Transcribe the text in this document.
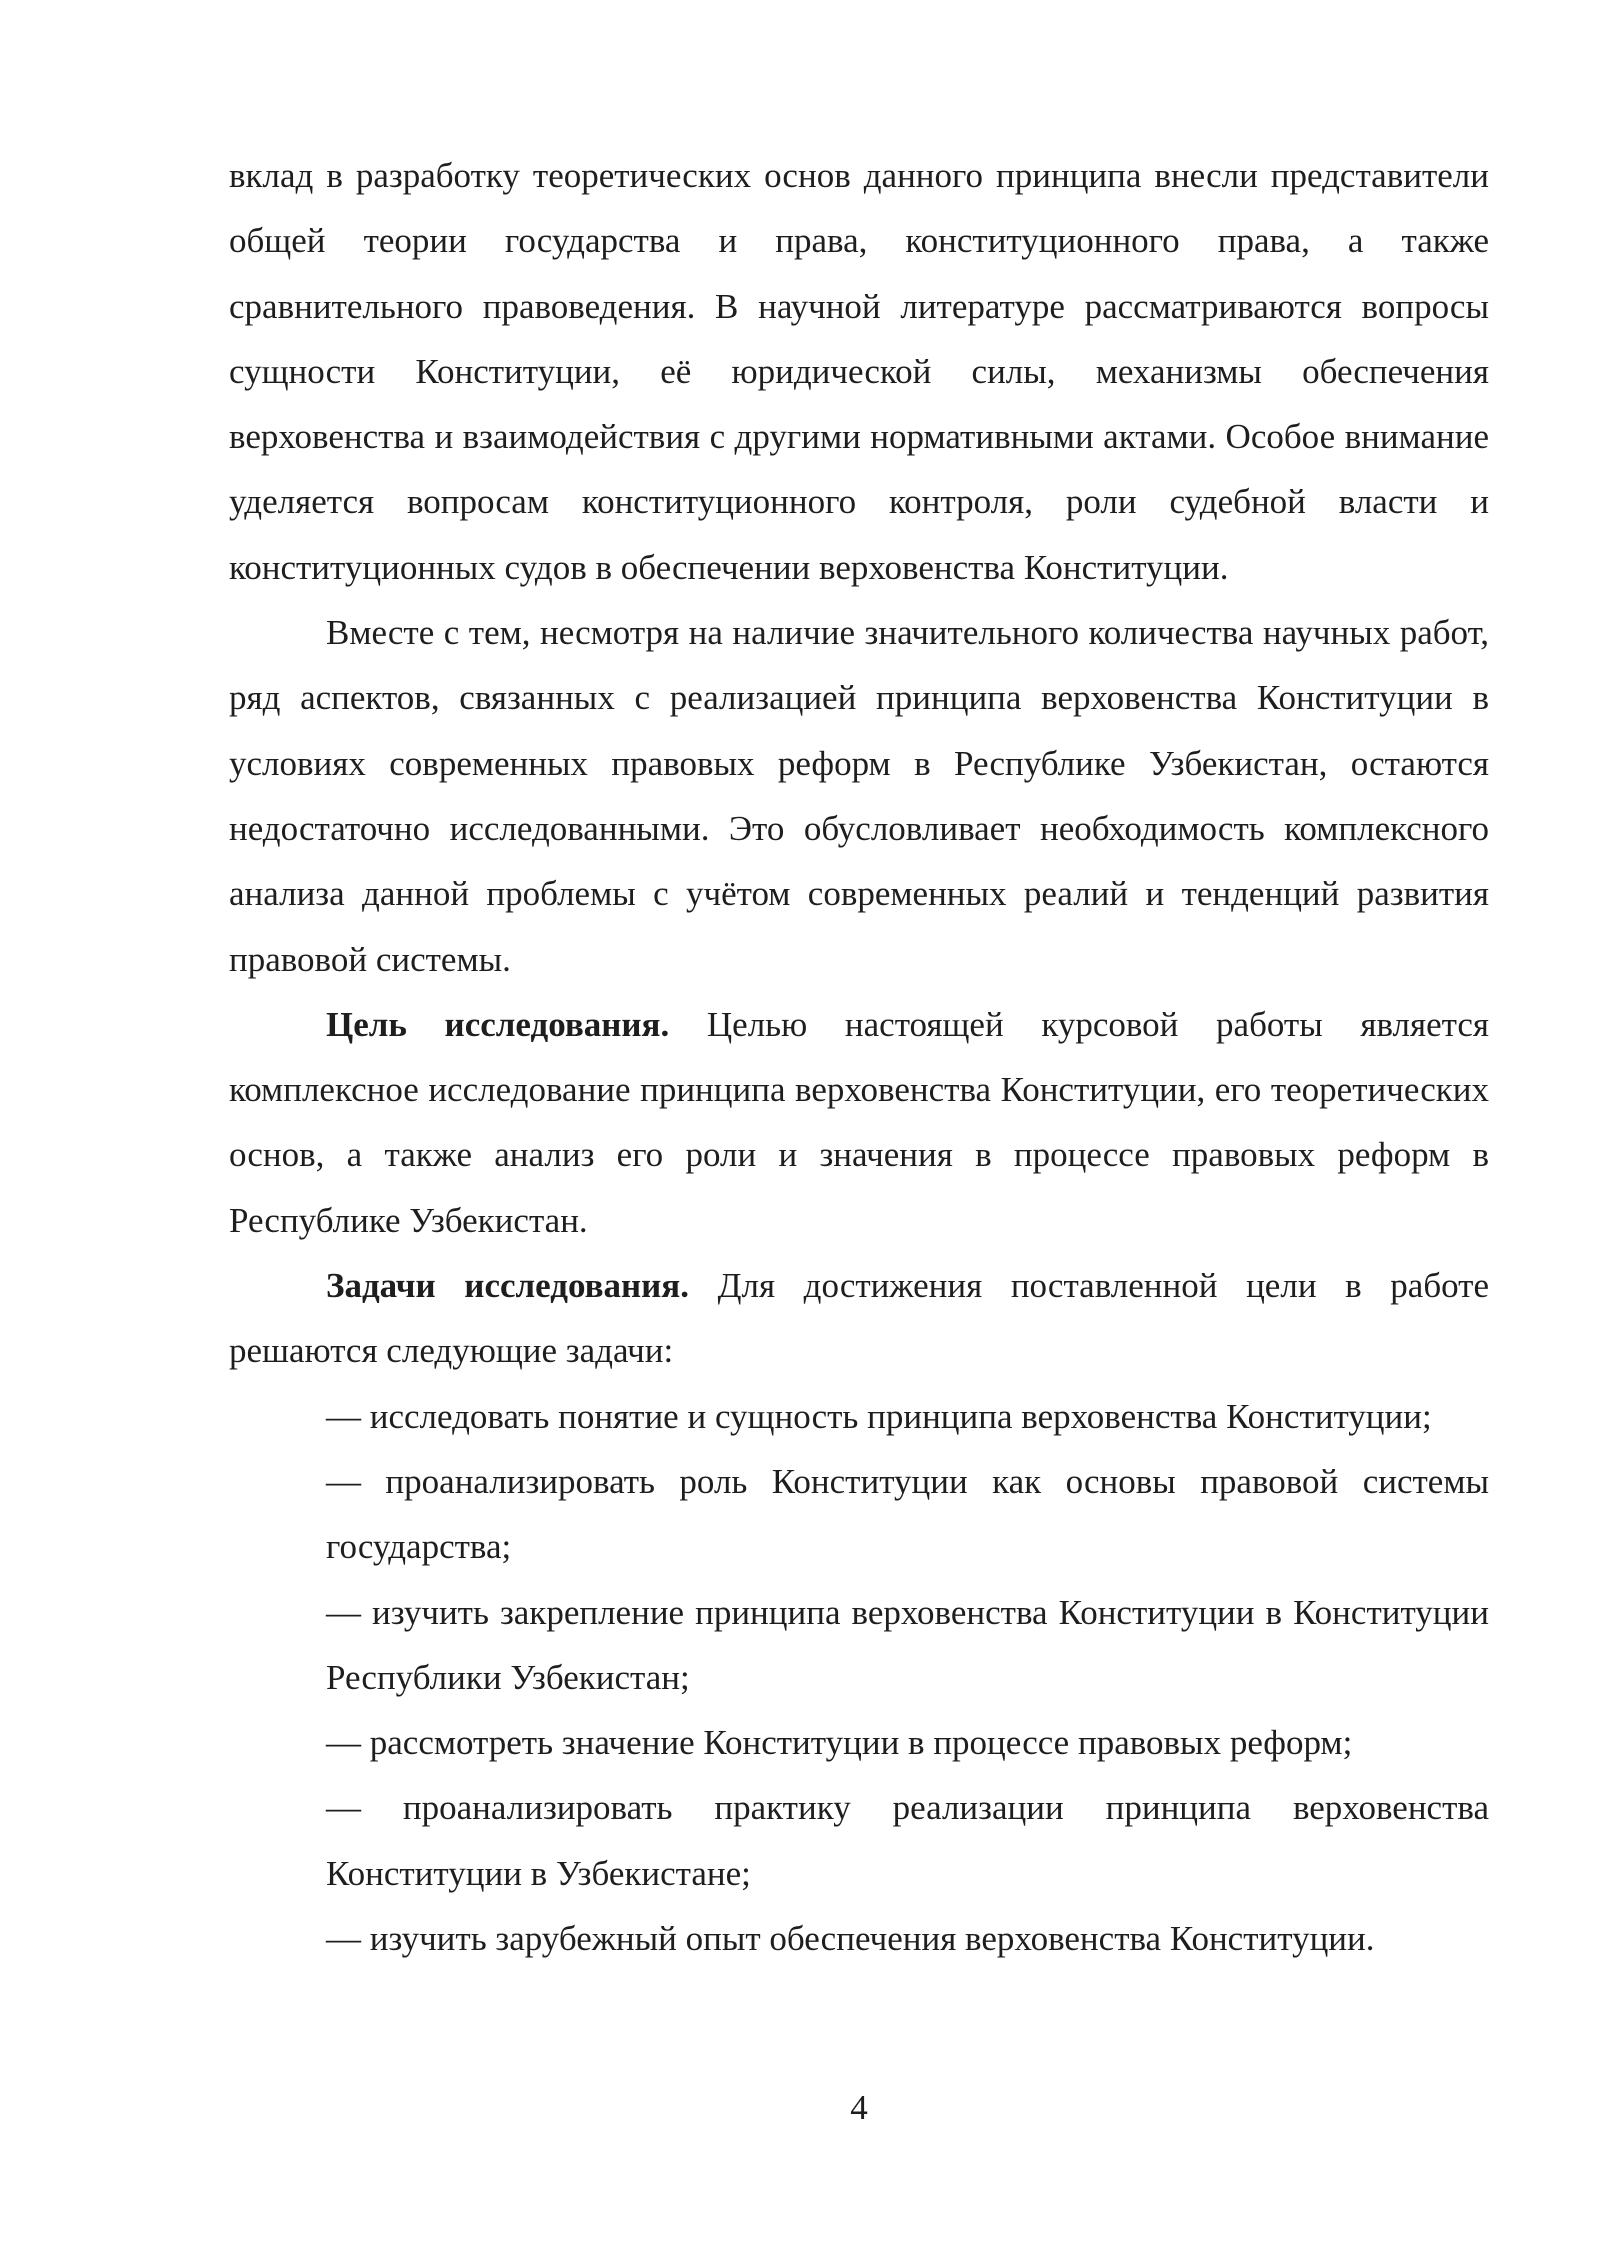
вклад в разработку теоретических основ данного принципа внесли представители общей теории государства и права, конституционного права, а также сравнительного правоведения. В научной литературе рассматриваются вопросы сущности Конституции, её юридической силы, механизмы обеспечения верховенства и взаимодействия с другими нормативными актами. Особое внимание уделяется вопросам конституционного контроля, роли судебной власти и конституционных судов в обеспечении верховенства Конституции.

Вместе с тем, несмотря на наличие значительного количества научных работ, ряд аспектов, связанных с реализацией принципа верховенства Конституции в условиях современных правовых реформ в Республике Узбекистан, остаются недостаточно исследованными. Это обусловливает необходимость комплексного анализа данной проблемы с учётом современных реалий и тенденций развития правовой системы.

Цель исследования. Целью настоящей курсовой работы является комплексное исследование принципа верховенства Конституции, его теоретических основ, а также анализ его роли и значения в процессе правовых реформ в Республике Узбекистан.

Задачи исследования. Для достижения поставленной цели в работе решаются следующие задачи:

— исследовать понятие и сущность принципа верховенства Конституции;
— проанализировать роль Конституции как основы правовой системы государства;
— изучить закрепление принципа верховенства Конституции в Конституции Республики Узбекистан;
— рассмотреть значение Конституции в процессе правовых реформ;
— проанализировать практику реализации принципа верховенства Конституции в Узбекистане;
— изучить зарубежный опыт обеспечения верховенства Конституции.
4
